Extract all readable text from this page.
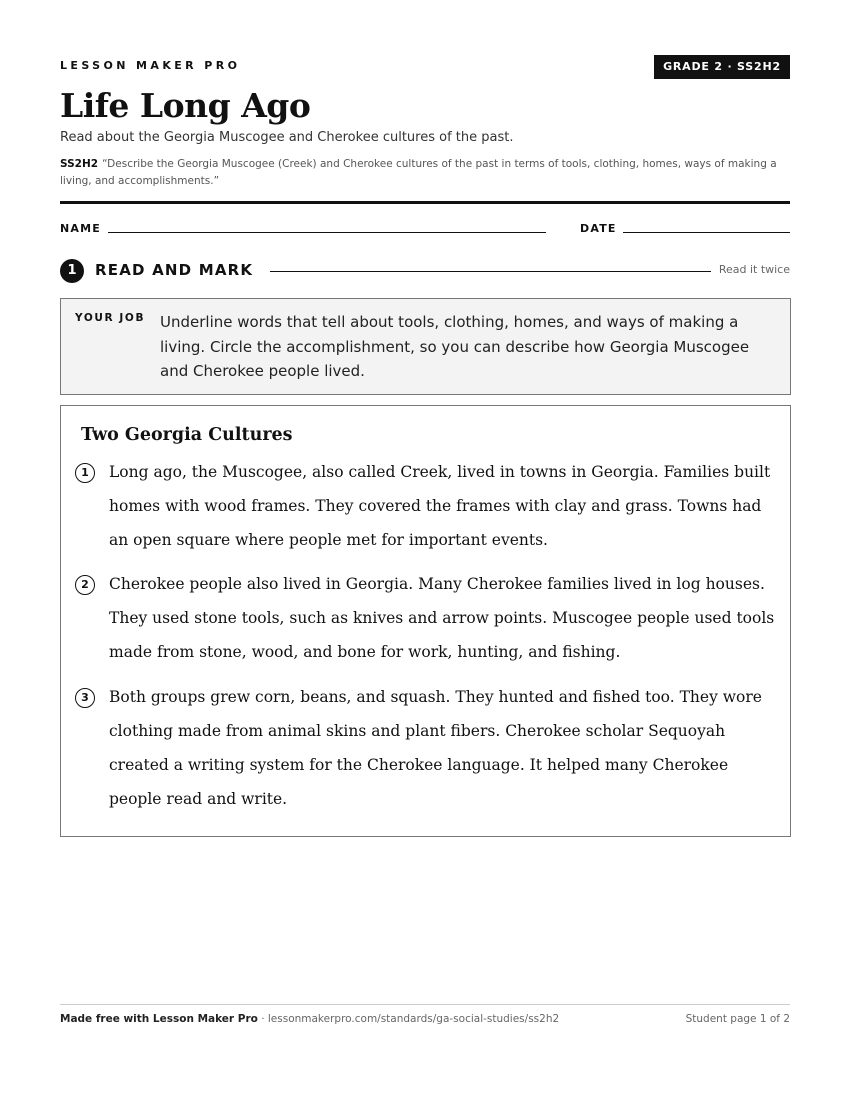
LESSON MAKER PRO	GRADE 2 · SS2H2
Life Long Ago
Read about the Georgia Muscogee and Cherokee cultures of the past.
SS2H2 “Describe the Georgia Muscogee (Creek) and Cherokee cultures of the past in terms of tools, clothing, homes, ways of making a living, and accomplishments.”
NAME	DATE
1	READ AND MARK	Read it twice
YOUR JOB Underline words that tell about tools, clothing, homes, and ways of making a living. Circle the accomplishment, so you can describe how Georgia Muscogee and Cherokee people lived.
Two Georgia Cultures
1	Long ago, the Muscogee, also called Creek, lived in towns in Georgia. Families built homes with wood frames. They covered the frames with clay and grass. Towns had an open square where people met for important events.
2	Cherokee people also lived in Georgia. Many Cherokee families lived in log houses. They used stone tools, such as knives and arrow points. Muscogee people used tools made from stone, wood, and bone for work, hunting, and fishing.
3	Both groups grew corn, beans, and squash. They hunted and fished too. They wore clothing made from animal skins and plant fibers. Cherokee scholar Sequoyah created a writing system for the Cherokee language. It helped many Cherokee people read and write.
Made free with Lesson Maker Pro · lessonmakerpro.com/standards/ga-social-studies/ss2h2	Student page 1 of 2
